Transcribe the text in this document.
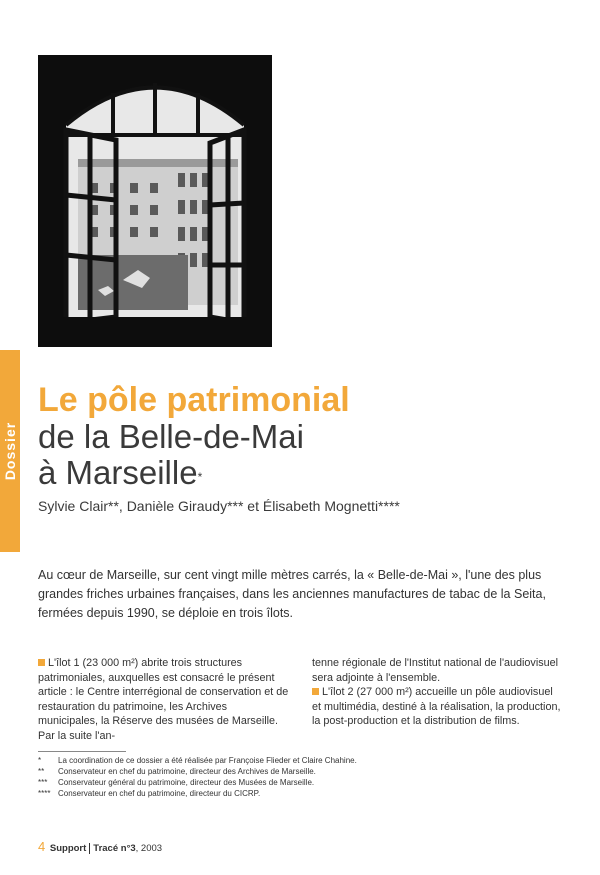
Dossier
Le pôle patrimonial
de la Belle-de-Mai
à Marseille*
Sylvie Clair**, Danièle Giraudy*** et Élisabeth Mognetti****
Au cœur de Marseille, sur cent vingt mille mètres carrés, la « Belle-de-Mai », l'une des plus grandes friches urbaines françaises, dans les anciennes manufactures de tabac de la Seita, fermées depuis 1990, se déploie en trois îlots.

L'îlot 1 (23 000 m²) abrite trois structures patrimoniales, auxquelles est consacré le présent article : le Centre interrégional de conservation et de restauration du patrimoine, les Archives municipales, la Réserve des musées de Marseille. Par la suite l'an-

tenne régionale de l'Institut national de l'audiovisuel sera adjointe à l'ensemble.

L'îlot 2 (27 000 m²) accueille un pôle audiovisuel et multimédia, destiné à la réalisation, la production, la post-production et la distribution de films.

*	La coordination de ce dossier a été réalisée par Françoise Flieder et Claire Chahine.
**	Conservateur en chef du patrimoine, directeur des Archives de Marseille.
***	Conservateur général du patrimoine, directeur des Musées de Marseille.
**** Conservateur en chef du patrimoine, directeur du CICRP.
4 Support Tracé n°3, 2003
